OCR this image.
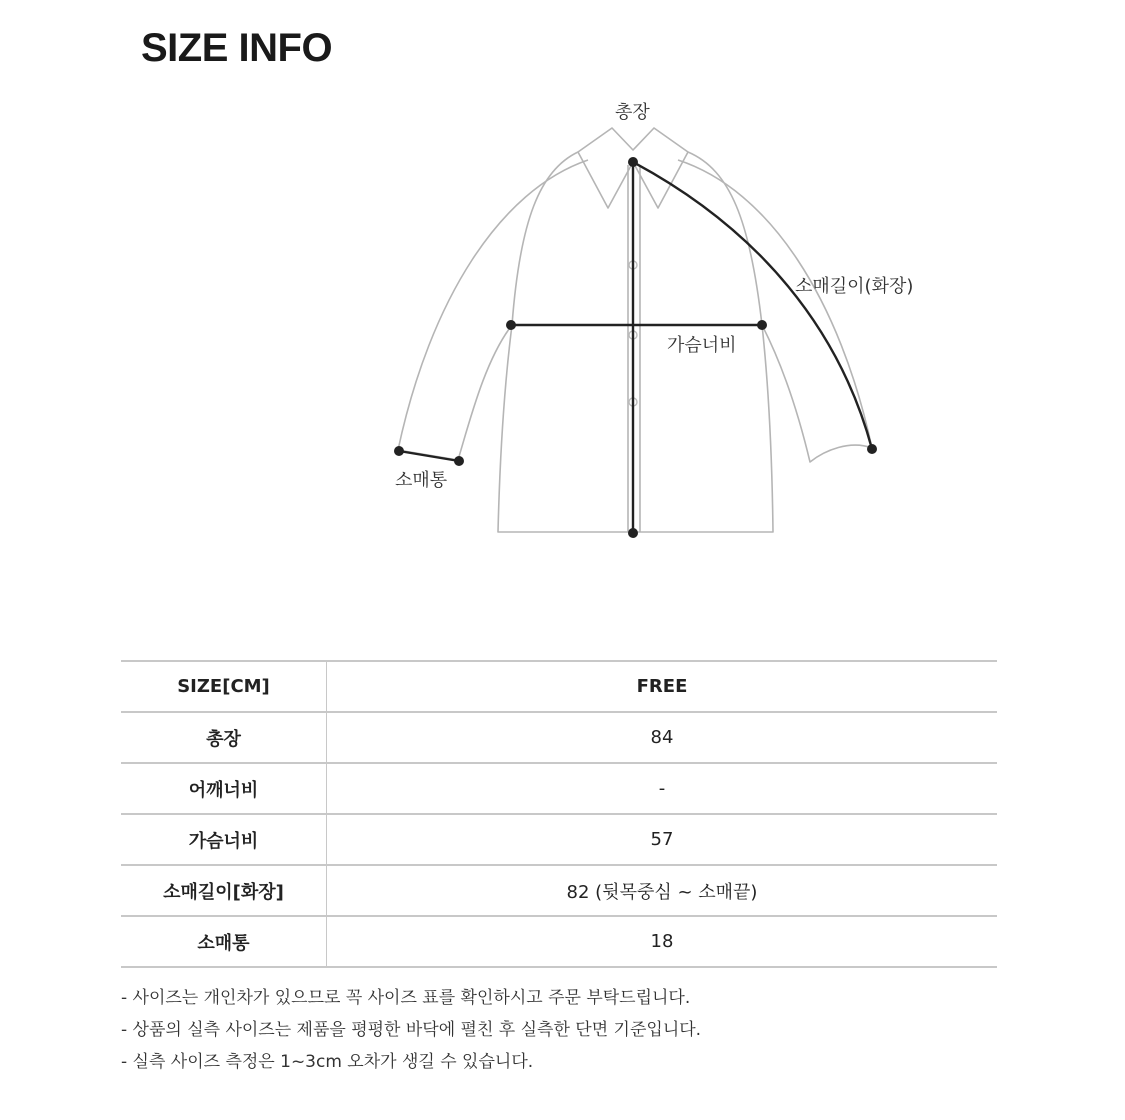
SIZE INFO
총장
소매길이(화장)
가슴너비
소매통
SIZE[CM]	FREE
총장	84
어깨너비	-
가슴너비	57
소매길이[화장]	82 (뒷목중심 ~ 소매끝)
소매통	18
- 사이즈는 개인차가 있으므로 꼭 사이즈 표를 확인하시고 주문 부탁드립니다.
- 상품의 실측 사이즈는 제품을 평평한 바닥에 펼친 후 실측한 단면 기준입니다.
- 실측 사이즈 측정은 1~3cm 오차가 생길 수 있습니다.
